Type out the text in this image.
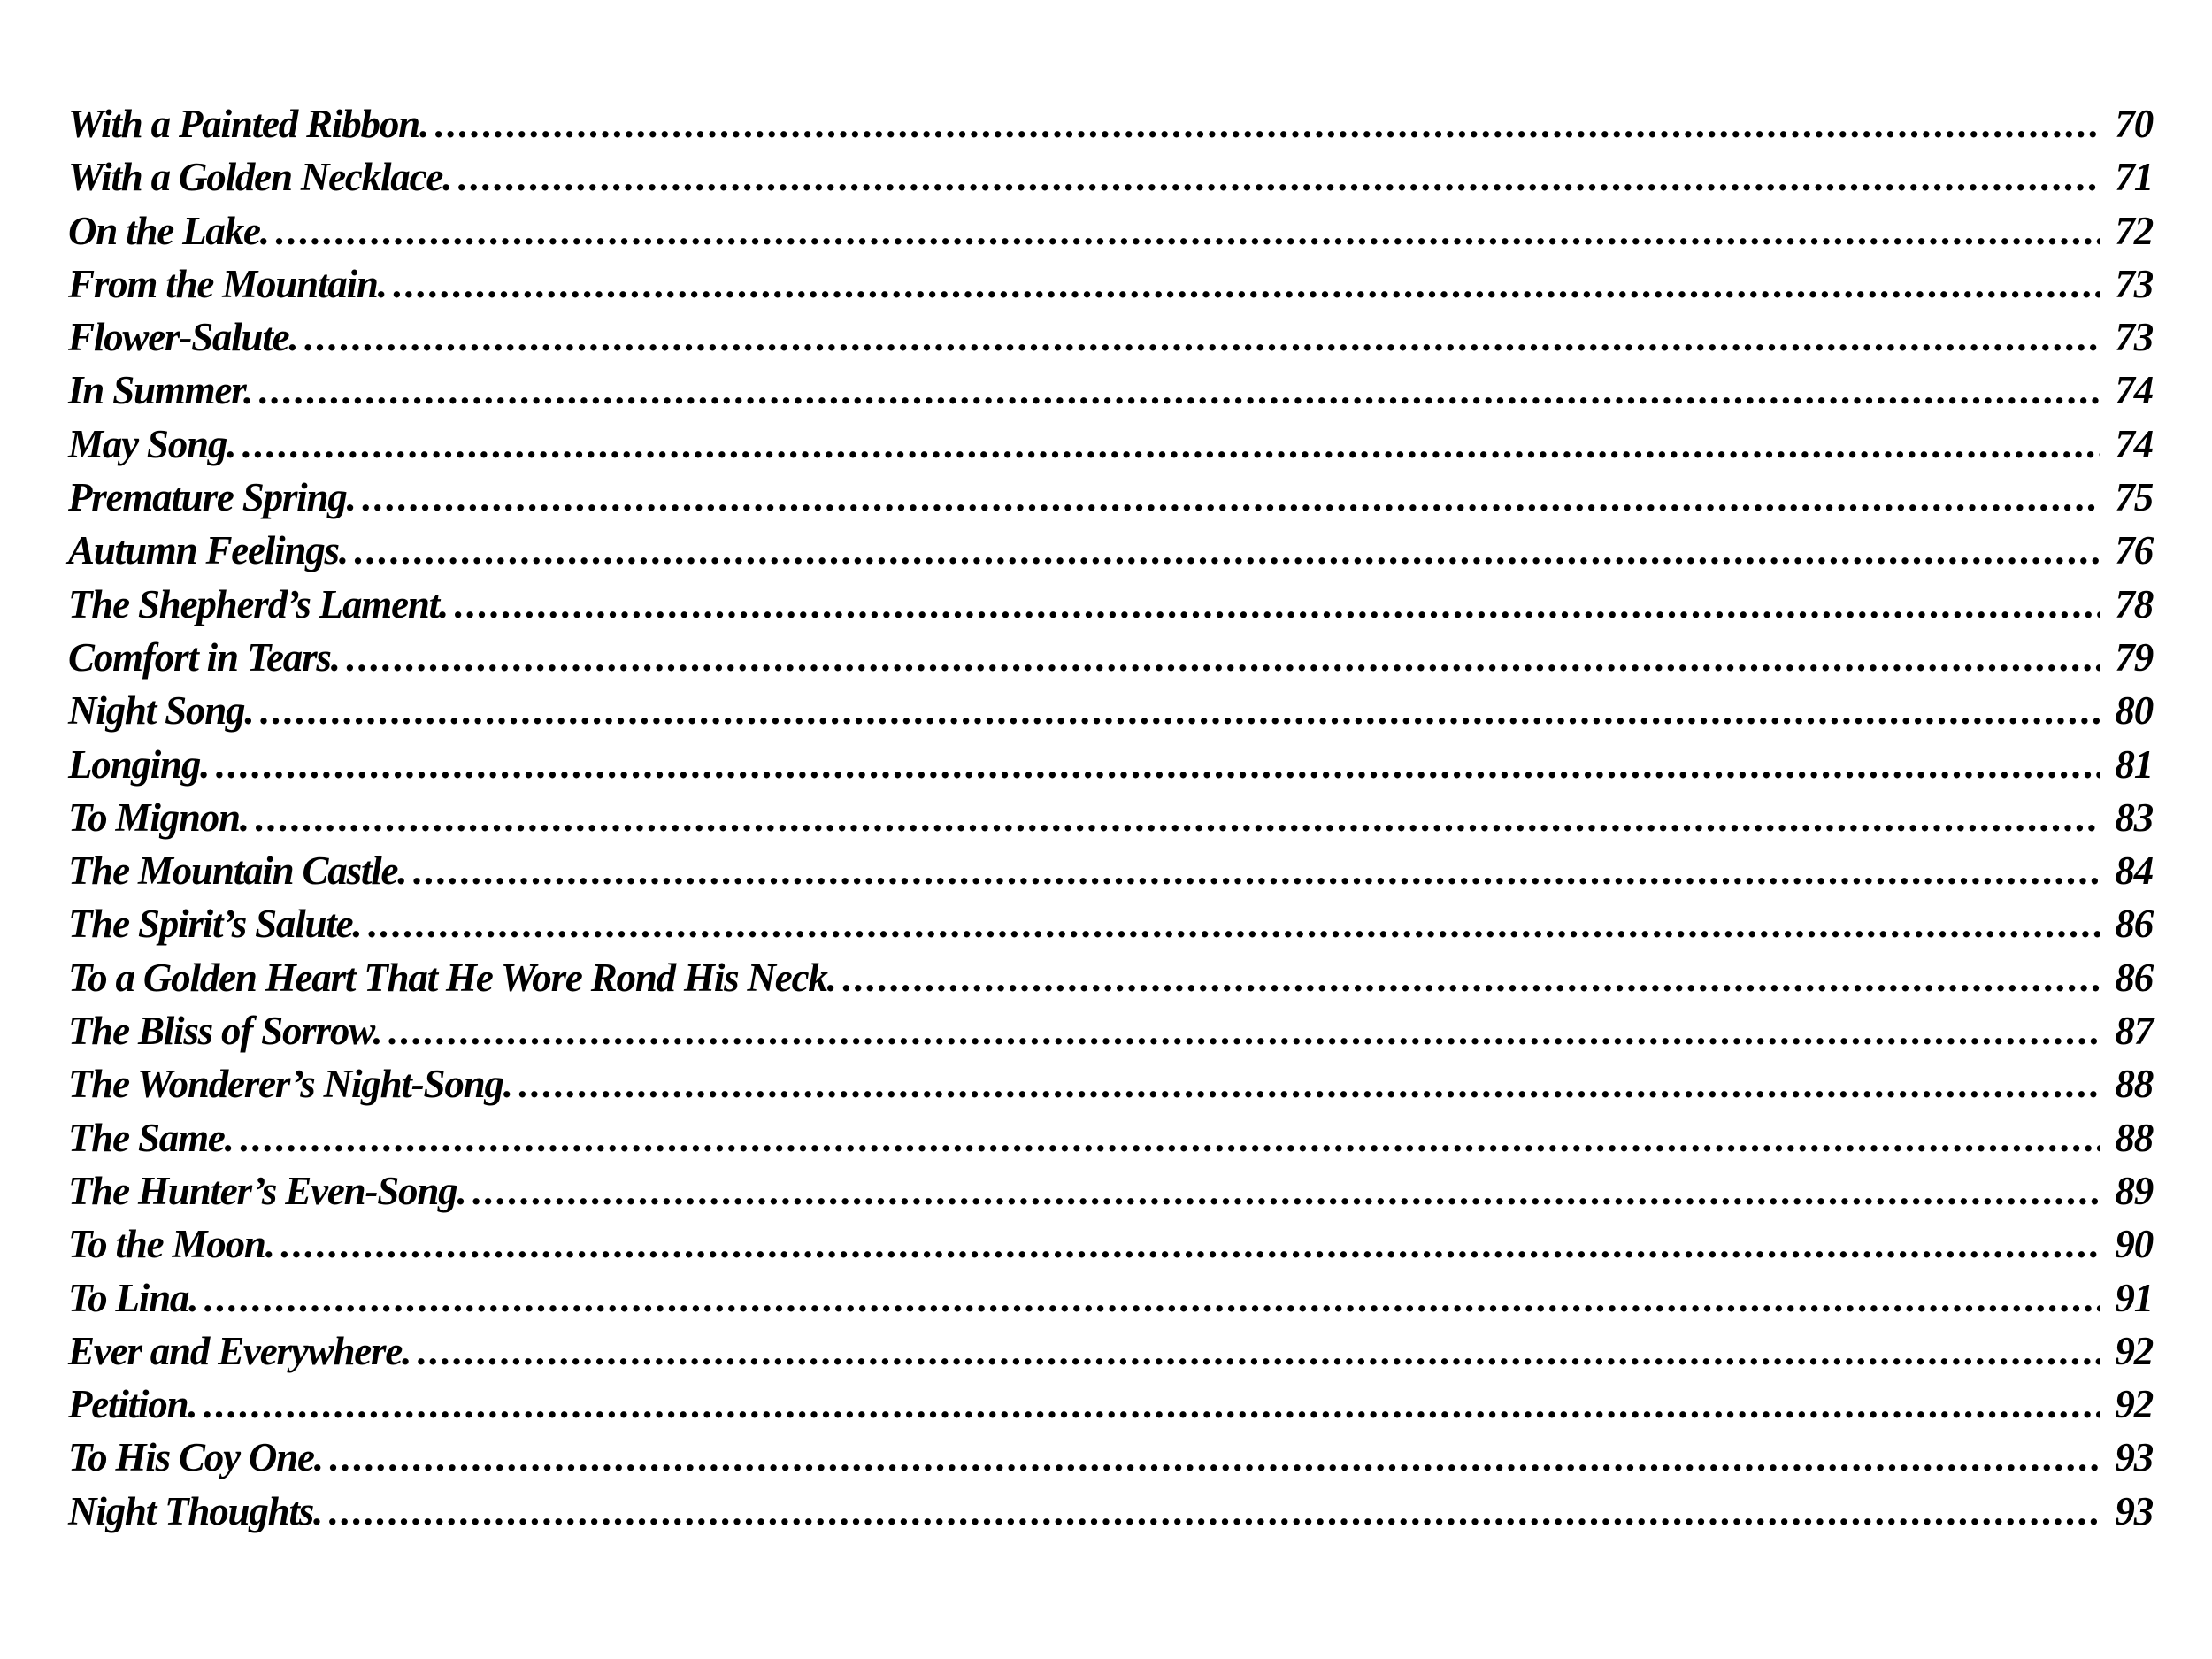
With a Painted Ribbon. .....	70
With a Golden Necklace. .....	71
On the Lake. .....	72
From the Mountain. .....	73
Flower-Salute. .....	73
In Summer. .....	74
May Song. .....	74
Premature Spring. .....	75
Autumn Feelings. .....	76
The Shepherd’s Lament. .....	78
Comfort in Tears. .....	79
Night Song. .....	80
Longing. .....	81
To Mignon. .....	83
The Mountain Castle. .....	84
The Spirit’s Salute. .....	86
To a Golden Heart That He Wore Rond His Neck. .....	86
The Bliss of Sorrow. .....	87
The Wonderer’s Night-Song. .....	88
The Same. .....	88
The Hunter’s Even-Song. .....	89
To the Moon. .....	90
To Lina. .....	91
Ever and Everywhere. .....	92
Petition. .....	92
To His Coy One. .....	93
Night Thoughts. .....	93
